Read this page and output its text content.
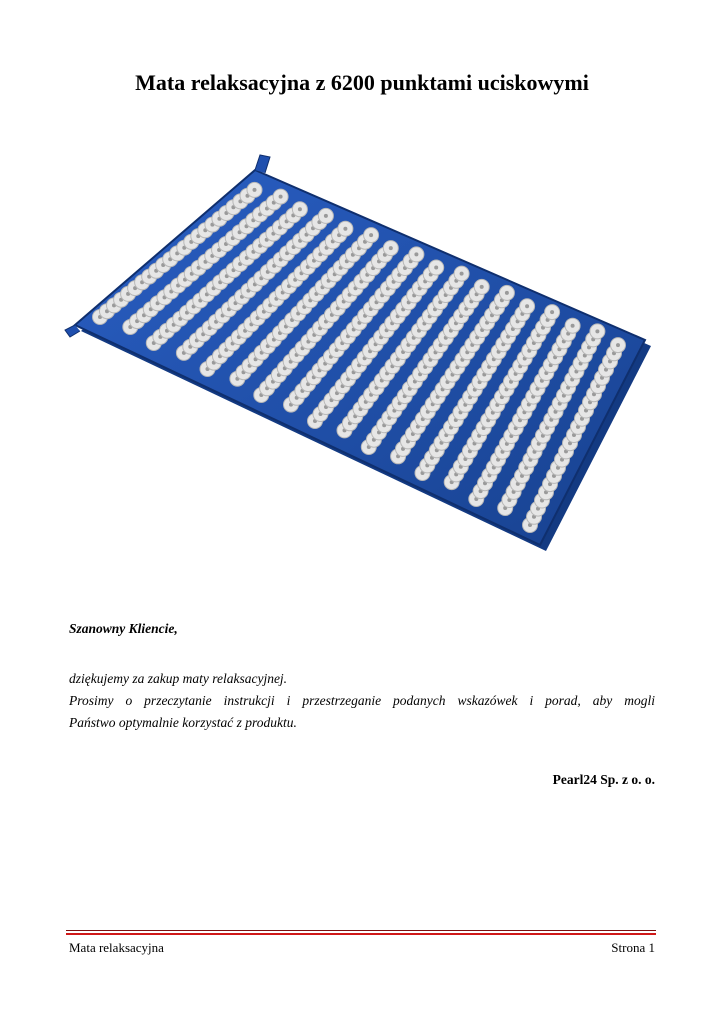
Mata relaksacyjna z 6200 punktami uciskowymi

Szanowny Kliencie,

dziękujemy za zakup maty relaksacyjnej.

Prosimy o przeczytanie instrukcji i przestrzeganie podanych wskazówek i porad, aby mogli

Państwo optymalnie korzystać z produktu.

Pearl24 Sp. z o. o.

Mata relaksacyjna	Strona 1
